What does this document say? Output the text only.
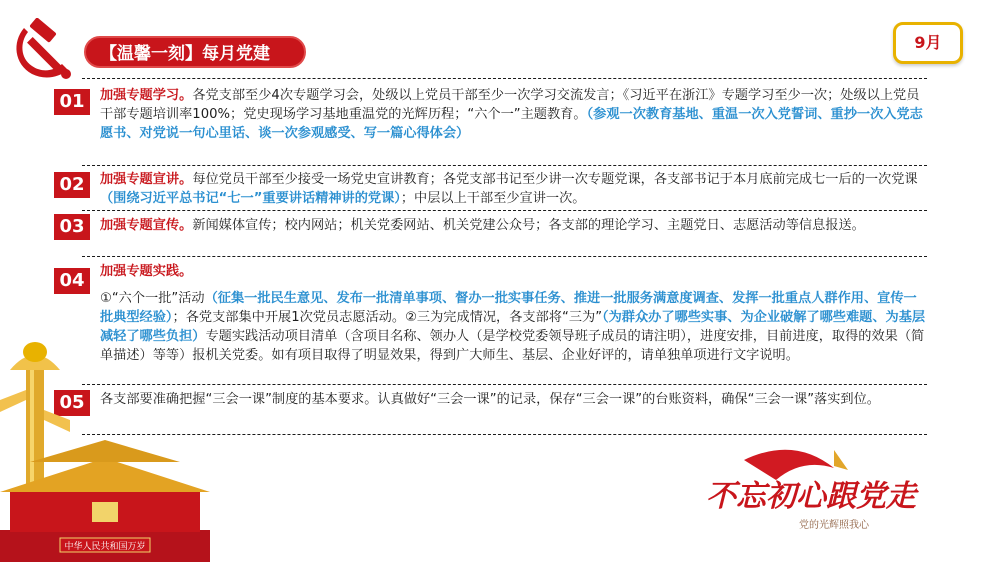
【温馨一刻】每月党建
9月
01	加强专题学习。各党支部至少4次专题学习会，处级以上党员干部至少一次学习交流发言；《习近平在浙江》专题学习至少一次；处级以上党员干部专题培训率100%；党史现场学习基地重温党的光辉历程；“六个一”主题教育。（参观一次教育基地、重温一次入党誓词、重抄一次入党志愿书、对党说一句心里话、谈一次参观感受、写一篇心得体会）
02	加强专题宣讲。每位党员干部至少接受一场党史宣讲教育；各党支部书记至少讲一次专题党课，各支部书记于本月底前完成七一后的一次党课（围绕习近平总书记“七一”重要讲话精神讲的党课）；中层以上干部至少宣讲一次。
03	加强专题宣传。新闻媒体宣传；校内网站；机关党委网站、机关党建公众号；各支部的理论学习、主题党日、志愿活动等信息报送。
04	加强专题实践。
①“六个一批”活动（征集一批民生意见、发布一批清单事项、督办一批实事任务、推进一批服务满意度调查、发挥一批重点人群作用、宣传一批典型经验）；各党支部集中开展1次党员志愿活动。②三为完成情况，各支部将“三为”（为群众办了哪些实事、为企业破解了哪些难题、为基层减轻了哪些负担）专题实践活动项目清单（含项目名称、领办人（是学校党委领导班子成员的请注明），进度安排，目前进度，取得的效果（简单描述）等等）报机关党委。如有项目取得了明显效果，得到广大师生、基层、企业好评的，请单独单项进行文字说明。
05	各支部要准确把握“三会一课”制度的基本要求。认真做好“三会一课”的记录，保存“三会一课”的台账资料，确保“三会一课”落实到位。
中华人民共和国万岁
不忘初心跟党走
党的光辉照我心
